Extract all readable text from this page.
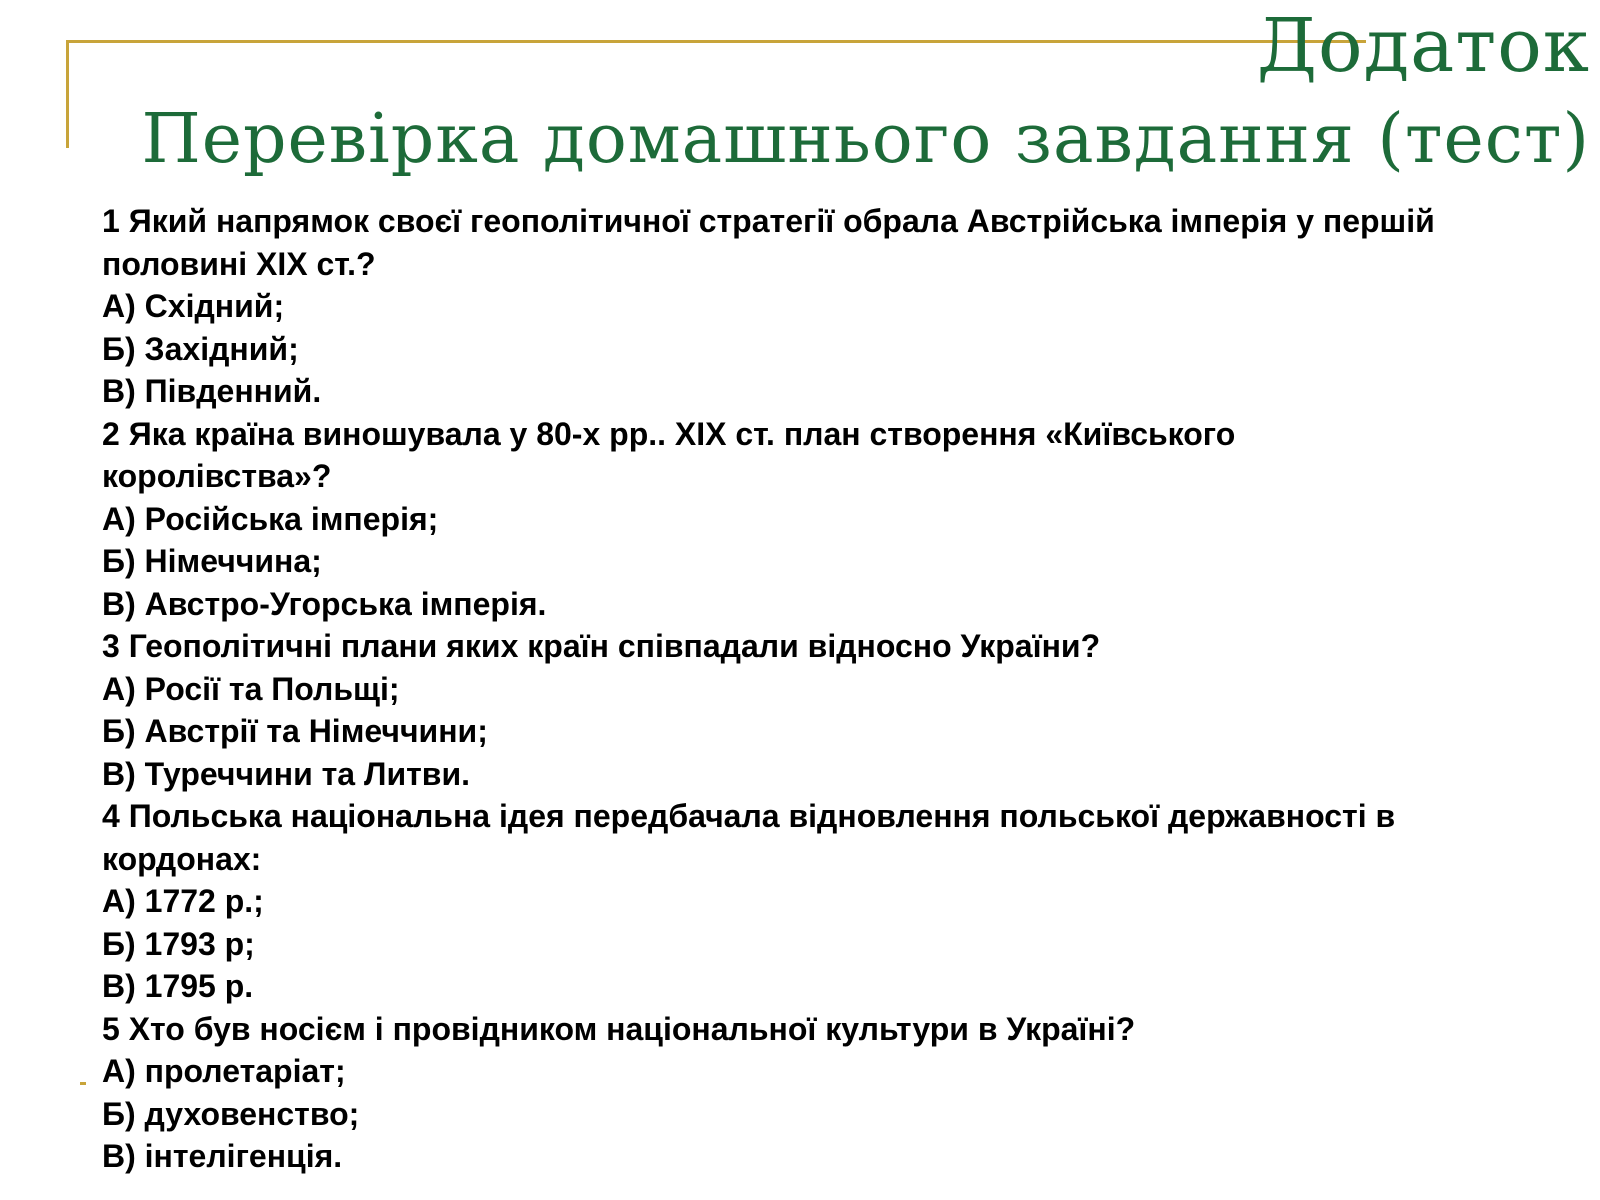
Додаток
Перевірка домашнього завдання (тест)
1 Який напрямок своєї геополітичної стратегії обрала Австрійська імперія у першій
половині ХІХ ст.?
А) Східний;
Б) Західний;
В) Південний.
2 Яка країна виношувала у 80-х рр.. ХІХ ст. план створення «Київського
королівства»?
А) Російська імперія;
Б) Німеччина;
В) Австро-Угорська імперія.
3 Геополітичні плани яких країн співпадали відносно України?
А) Росії та Польщі;
Б) Австрії та Німеччини;
В) Туреччини та Литви.
4 Польська національна ідея передбачала відновлення польської державності в
кордонах:
А) 1772 р.;
Б) 1793 р;
В) 1795 р.
5 Хто був носієм і провідником національної культури в Україні?
А) пролетаріат;
Б) духовенство;
В) інтелігенція.
